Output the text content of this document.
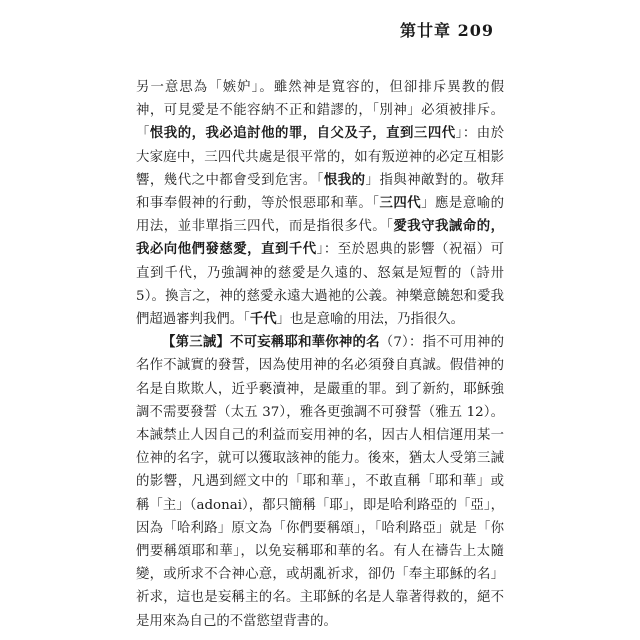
第廿章 209

另一意思為「嫉妒」。雖然神是寬容的，但卻排斥異教的假神，可見愛是不能容納不正和錯謬的，「別神」必須被排斥。「恨我的，我必追討他的罪，自父及子，直到三四代」：由於大家庭中，三四代共處是很平常的，如有叛逆神的必定互相影響，幾代之中都會受到危害。「恨我的」指與神敵對的。敬拜和事奉假神的行動，等於恨惡耶和華。「三四代」應是意喻的用法，並非單指三四代，而是指很多代。「愛我守我誡命的，我必向他們發慈愛，直到千代」：至於恩典的影響（祝福）可直到千代，乃強調神的慈愛是久遠的、怒氣是短暫的（詩卅 5）。換言之，神的慈愛永遠大過祂的公義。神樂意饒恕和愛我們超過審判我們。「千代」也是意喻的用法，乃指很久。

【第三誡】不可妄稱耶和華你神的名（7）：指不可用神的名作不誠實的發誓，因為使用神的名必須發自真誠。假借神的名是自欺欺人，近乎褻瀆神，是嚴重的罪。到了新約，耶穌強調不需要發誓（太五 37），雅各更強調不可發誓（雅五 12）。本誡禁止人因自己的利益而妄用神的名，因古人相信運用某一位神的名字，就可以獲取該神的能力。後來，猶太人受第三誡的影響，凡遇到經文中的「耶和華」，不敢直稱「耶和華」或稱「主」（adonai），都只簡稱「耶」，即是哈利路亞的「亞」，因為「哈利路」原文為「你們要稱頌」，「哈利路亞」就是「你們要稱頌耶和華」，以免妄稱耶和華的名。有人在禱告上太隨變，或所求不合神心意，或胡亂祈求，卻仍「奉主耶穌的名」祈求，這也是妄稱主的名。主耶穌的名是人靠著得救的，絕不是用來為自己的不當慾望背書的。
